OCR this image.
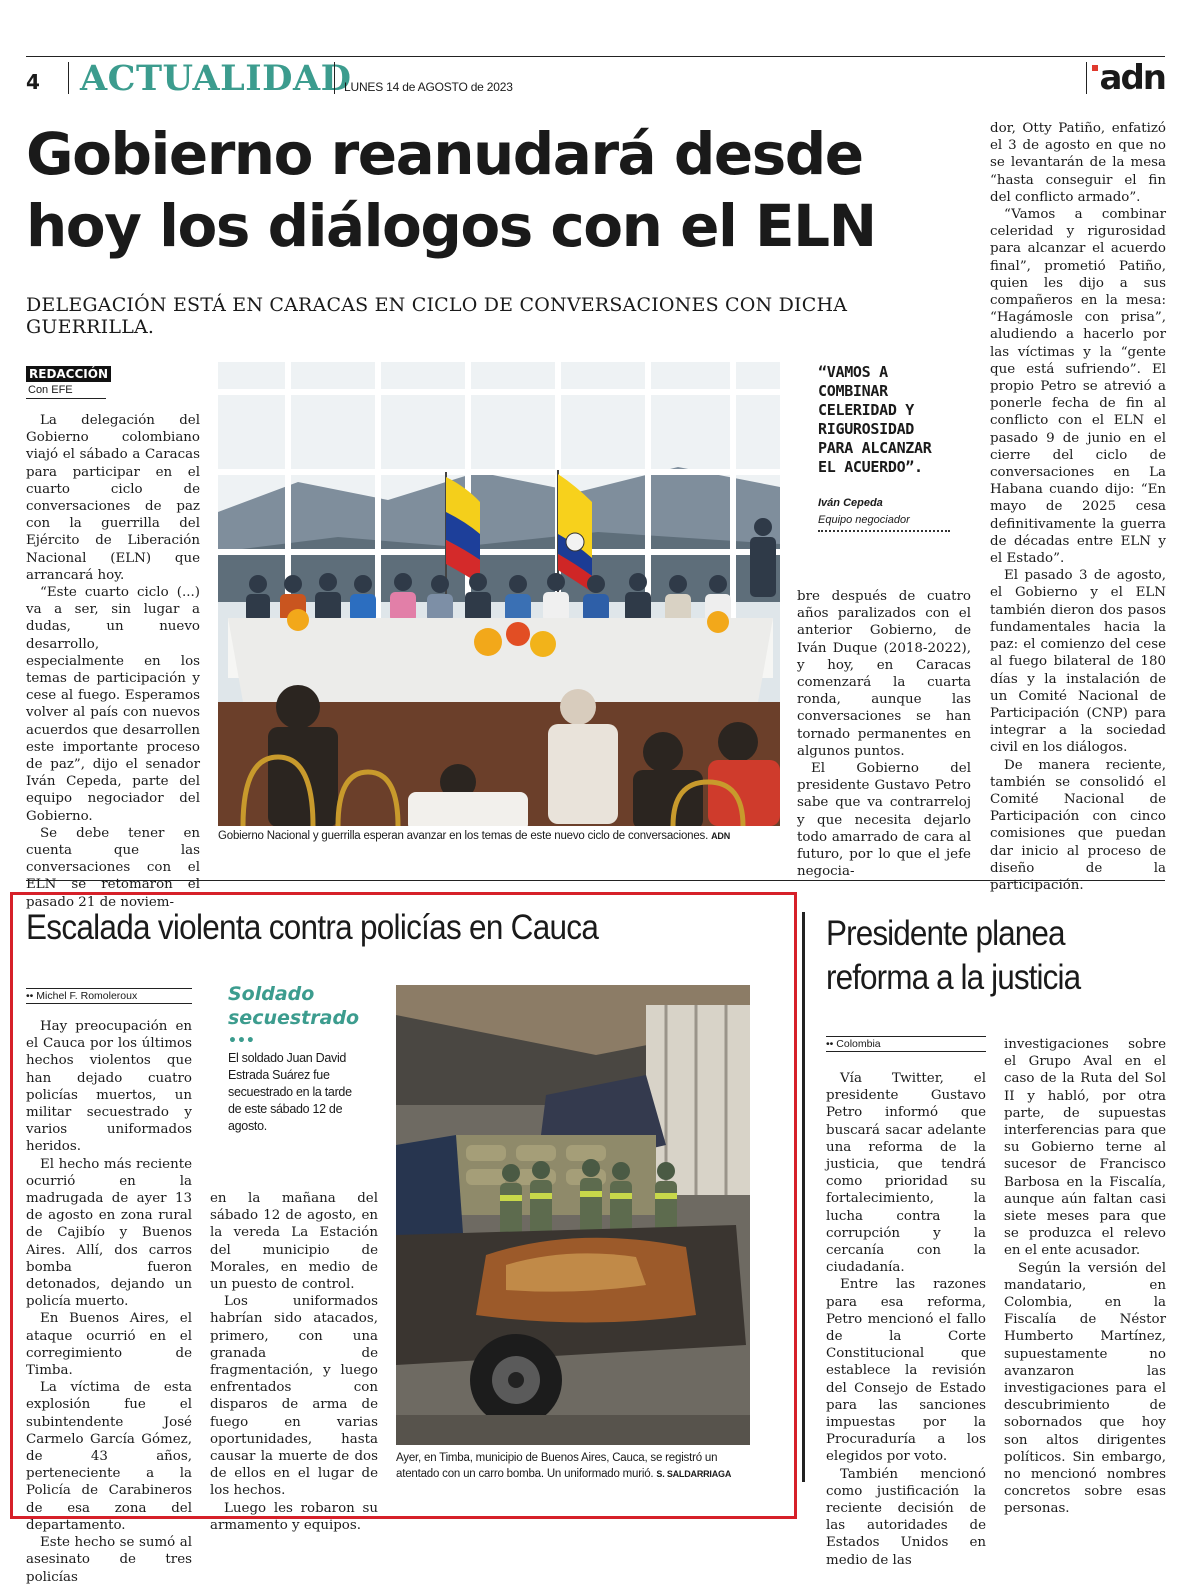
4 ACTUALIDAD
LUNES 14 de AGOSTO de 2023	adn
Gobierno reanudará desde hoy los diálogos con el ELN
DELEGACIÓN ESTÁ EN CARACAS EN CICLO DE CONVERSACIONES CON DICHA GUERRILLA.
REDACCIÓN
Con EFE

La delegación del Gobierno colombiano viajó el sábado a Caracas para participar en el cuarto ciclo de conversaciones de paz con la guerrilla del Ejército de Liberación Nacional (ELN) que arrancará hoy.

“Este cuarto ciclo (...) va a ser, sin lugar a dudas, un nuevo desarrollo, especialmente en los temas de participación y cese al fuego. Esperamos volver al país con nuevos acuerdos que desarrollen este importante proceso de paz”, dijo el senador Iván Cepeda, parte del equipo negociador del Gobierno.

Se debe tener en cuenta que las conversaciones con el ELN se retomaron el pasado 21 de noviem-

Gobierno Nacional y guerrilla esperan avanzar en los temas de este nuevo ciclo de conversaciones. ADN
“VAMOS A COMBINAR CELERIDAD Y RIGUROSIDAD PARA ALCANZAR EL ACUERDO”.
Iván Cepeda
Equipo negociador

bre después de cuatro años paralizados con el anterior Gobierno, de Iván Duque (2018-2022), y hoy, en Caracas comenzará la cuarta ronda, aunque las conversaciones se han tornado permanentes en algunos puntos.

El Gobierno del presidente Gustavo Petro sabe que va contrarreloj y que necesita dejarlo todo amarrado de cara al futuro, por lo que el jefe negocia-

dor, Otty Patiño, enfatizó el 3 de agosto en que no se levantarán de la mesa “hasta conseguir el fin del conflicto armado”.

“Vamos a combinar celeridad y rigurosidad para alcanzar el acuerdo final”, prometió Patiño, quien les dijo a sus compañeros en la mesa: “Hagámosle con prisa”, aludiendo a hacerlo por las víctimas y la “gente que está sufriendo”. El propio Petro se atrevió a ponerle fecha de fin al conflicto con el ELN el pasado 9 de junio en el cierre del ciclo de conversaciones en La Habana cuando dijo: “En mayo de 2025 cesa definitivamente la guerra de décadas entre ELN y el Estado”.

El pasado 3 de agosto, el Gobierno y el ELN también dieron dos pasos fundamentales hacia la paz: el comienzo del cese al fuego bilateral de 180 días y la instalación de un Comité Nacional de Participación (CNP) para integrar a la sociedad civil en los diálogos.

De manera reciente, también se consolidó el Comité Nacional de Participación con cinco comisiones que puedan dar inicio al proceso de diseño de la participación.

Escalada violenta contra policías en Cauca
•• Michel F. Romoleroux

Hay preocupación en el Cauca por los últimos hechos violentos que han dejado cuatro policías muertos, un militar secuestrado y varios uniformados heridos.

El hecho más reciente ocurrió en la madrugada de ayer 13 de agosto en zona rural de Cajibío y Buenos Aires. Allí, dos carros bomba fueron detonados, dejando un policía muerto.

En Buenos Aires, el ataque ocurrió en el corregimiento de Timba.

La víctima de esta explosión fue el subintendente José Carmelo García Gómez, de 43 años, perteneciente a la Policía de Carabineros de esa zona del departamento.

Este hecho se sumó al asesinato de tres policías

Soldado secuestrado
•••
El soldado Juan David Estrada Suárez fue secuestrado en la tarde de este sábado 12 de agosto.

en la mañana del sábado 12 de agosto, en la vereda La Estación del municipio de Morales, en medio de un puesto de control.

Los uniformados habrían sido atacados, primero, con una granada de fragmentación, y luego enfrentados con disparos de arma de fuego en varias oportunidades, hasta causar la muerte de dos de ellos en el lugar de los hechos.

Luego les robaron su armamento y equipos.

Ayer, en Timba, municipio de Buenos Aires, Cauca, se registró un atentado con un carro bomba. Un uniformado murió. S. SALDARRIAGA
Presidente planea reforma a la justicia
•• Colombia

Vía Twitter, el presidente Gustavo Petro informó que buscará sacar adelante una reforma de la justicia, que tendrá como prioridad su fortalecimiento, la lucha contra la corrupción y la cercanía con la ciudadanía.

Entre las razones para esa reforma, Petro mencionó el fallo de la Corte Constitucional que establece la revisión del Consejo de Estado para las sanciones impuestas por la Procuraduría a los elegidos por voto.

También mencionó como justificación la reciente decisión de las autoridades de Estados Unidos en medio de las

investigaciones sobre el Grupo Aval en el caso de la Ruta del Sol II y habló, por otra parte, de supuestas interferencias para que su Gobierno terne al sucesor de Francisco Barbosa en la Fiscalía, aunque aún faltan casi siete meses para que se produzca el relevo en el ente acusador.

Según la versión del mandatario, en Colombia, en la Fiscalía de Néstor Humberto Martínez, supuestamente no avanzaron las investigaciones para el descubrimiento de sobornados que hoy son altos dirigentes políticos. Sin embargo, no mencionó nombres concretos sobre esas personas.
